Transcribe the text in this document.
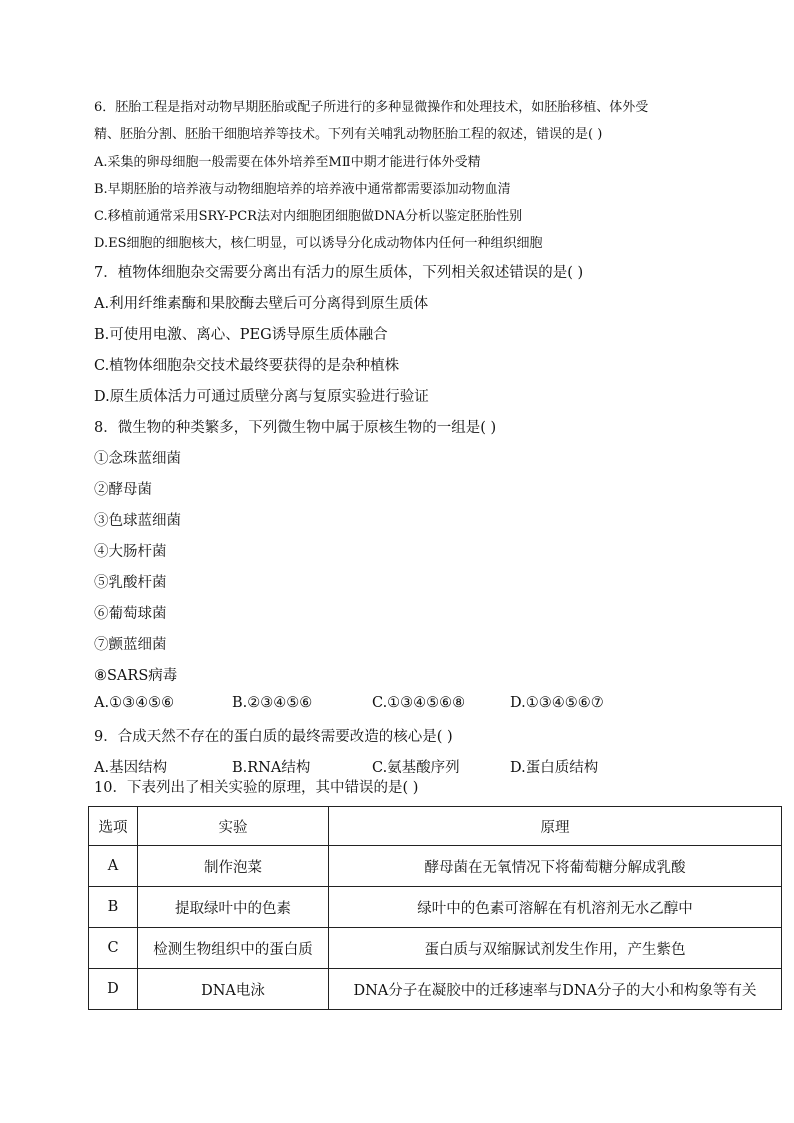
6．胚胎工程是指对动物早期胚胎或配子所进行的多种显微操作和处理技术，如胚胎移植、体外受
精、胚胎分割、胚胎干细胞培养等技术。下列有关哺乳动物胚胎工程的叙述，错误的是( )
A.采集的卵母细胞一般需要在体外培养至MⅡ中期才能进行体外受精
B.早期胚胎的培养液与动物细胞培养的培养液中通常都需要添加动物血清
C.移植前通常采用SRY-PCR法对内细胞团细胞做DNA分析以鉴定胚胎性别
D.ES细胞的细胞核大，核仁明显，可以诱导分化成动物体内任何一种组织细胞
7．植物体细胞杂交需要分离出有活力的原生质体，下列相关叙述错误的是( )
A.利用纤维素酶和果胶酶去壁后可分离得到原生质体
B.可使用电激、离心、PEG诱导原生质体融合
C.植物体细胞杂交技术最终要获得的是杂种植株
D.原生质体活力可通过质壁分离与复原实验进行验证
8．微生物的种类繁多，下列微生物中属于原核生物的一组是( )
①念珠蓝细菌
②酵母菌
③色球蓝细菌
④大肠杆菌
⑤乳酸杆菌
⑥葡萄球菌
⑦颤蓝细菌
⑧SARS病毒
A.①③④⑤⑥	B.②③④⑤⑥	C.①③④⑤⑥⑧	D.①③④⑤⑥⑦
9．合成天然不存在的蛋白质的最终需要改造的核心是( )
A.基因结构	B.RNA结构	C.氨基酸序列	D.蛋白质结构
10．下表列出了相关实验的原理，其中错误的是( )
选项	实验	原理
A	制作泡菜	酵母菌在无氧情况下将葡萄糖分解成乳酸
B	提取绿叶中的色素	绿叶中的色素可溶解在有机溶剂无水乙醇中
C	检测生物组织中的蛋白质	蛋白质与双缩脲试剂发生作用，产生紫色
D	DNA电泳	DNA分子在凝胶中的迁移速率与DNA分子的大小和构象等有关
